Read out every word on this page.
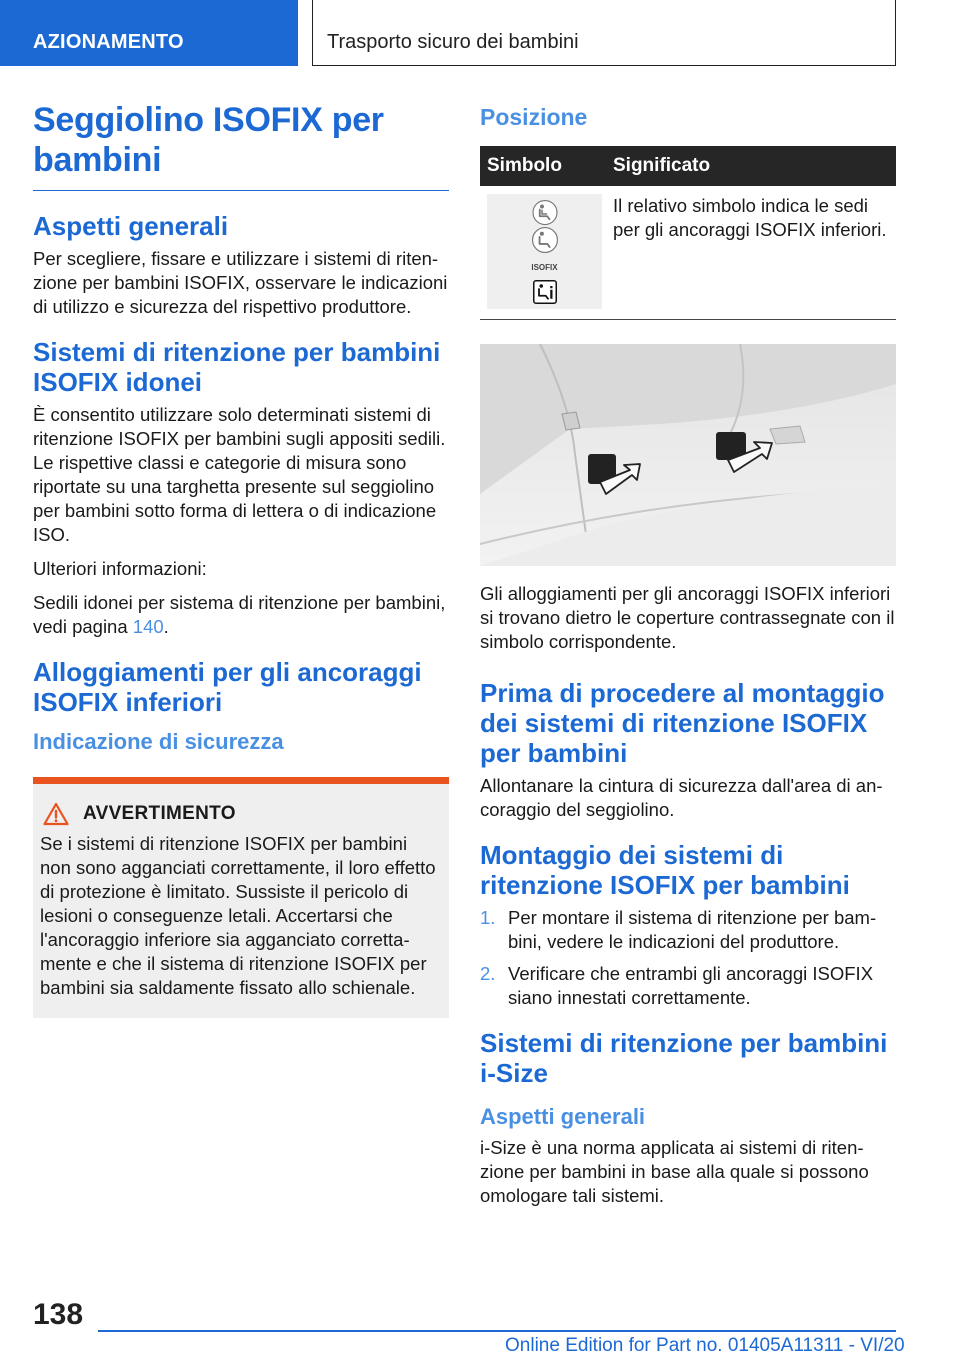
AZIONAMENTO	Trasporto sicuro dei bambini
Seggiolino ISOFIX per bambini
Aspetti generali

Per scegliere, fissare e utilizzare i sistemi di ritenzione per bambini ISOFIX, osservare le indicazioni di utilizzo e sicurezza del rispettivo produttore.

Sistemi di ritenzione per bambini ISOFIX idonei

È consentito utilizzare solo determinati sistemi di ritenzione ISOFIX per bambini sugli appositi sedili. Le rispettive classi e categorie di misura sono riportate su una targhetta presente sul seggiolino per bambini sotto forma di lettera o di indicazione ISO.

Ulteriori informazioni:

Sedili idonei per sistema di ritenzione per bambini, vedi pagina 140.

Alloggiamenti per gli ancoraggi ISOFIX inferiori
Indicazione di sicurezza
AVVERTIMENTO

Se i sistemi di ritenzione ISOFIX per bambini non sono agganciati correttamente, il loro effetto di protezione è limitato. Sussiste il pericolo di lesioni o conseguenze letali. Accertarsi che l'ancoraggio inferiore sia agganciato correttamente e che il sistema di ritenzione ISOFIX per bambini sia saldamente fissato allo schienale.

Posizione
Simbolo	Significato

ISOFIX	Il relativo simbolo indica le sedi per gli ancoraggi ISOFIX inferiori.

Gli alloggiamenti per gli ancoraggi ISOFIX inferiori si trovano dietro le coperture contrassegnate con il simbolo corrispondente.

Prima di procedere al montaggio dei sistemi di ritenzione ISOFIX per bambini

Allontanare la cintura di sicurezza dall'area di ancoraggio del seggiolino.

Montaggio dei sistemi di ritenzione ISOFIX per bambini
1. Per montare il sistema di ritenzione per bambini, vedere le indicazioni del produttore.
2. Verificare che entrambi gli ancoraggi ISOFIX siano innestati correttamente.
Sistemi di ritenzione per bambini i-Size
Aspetti generali

i-Size è una norma applicata ai sistemi di ritenzione per bambini in base alla quale si possono omologare tali sistemi.

138
Online Edition for Part no. 01405A11311 - VI/20
